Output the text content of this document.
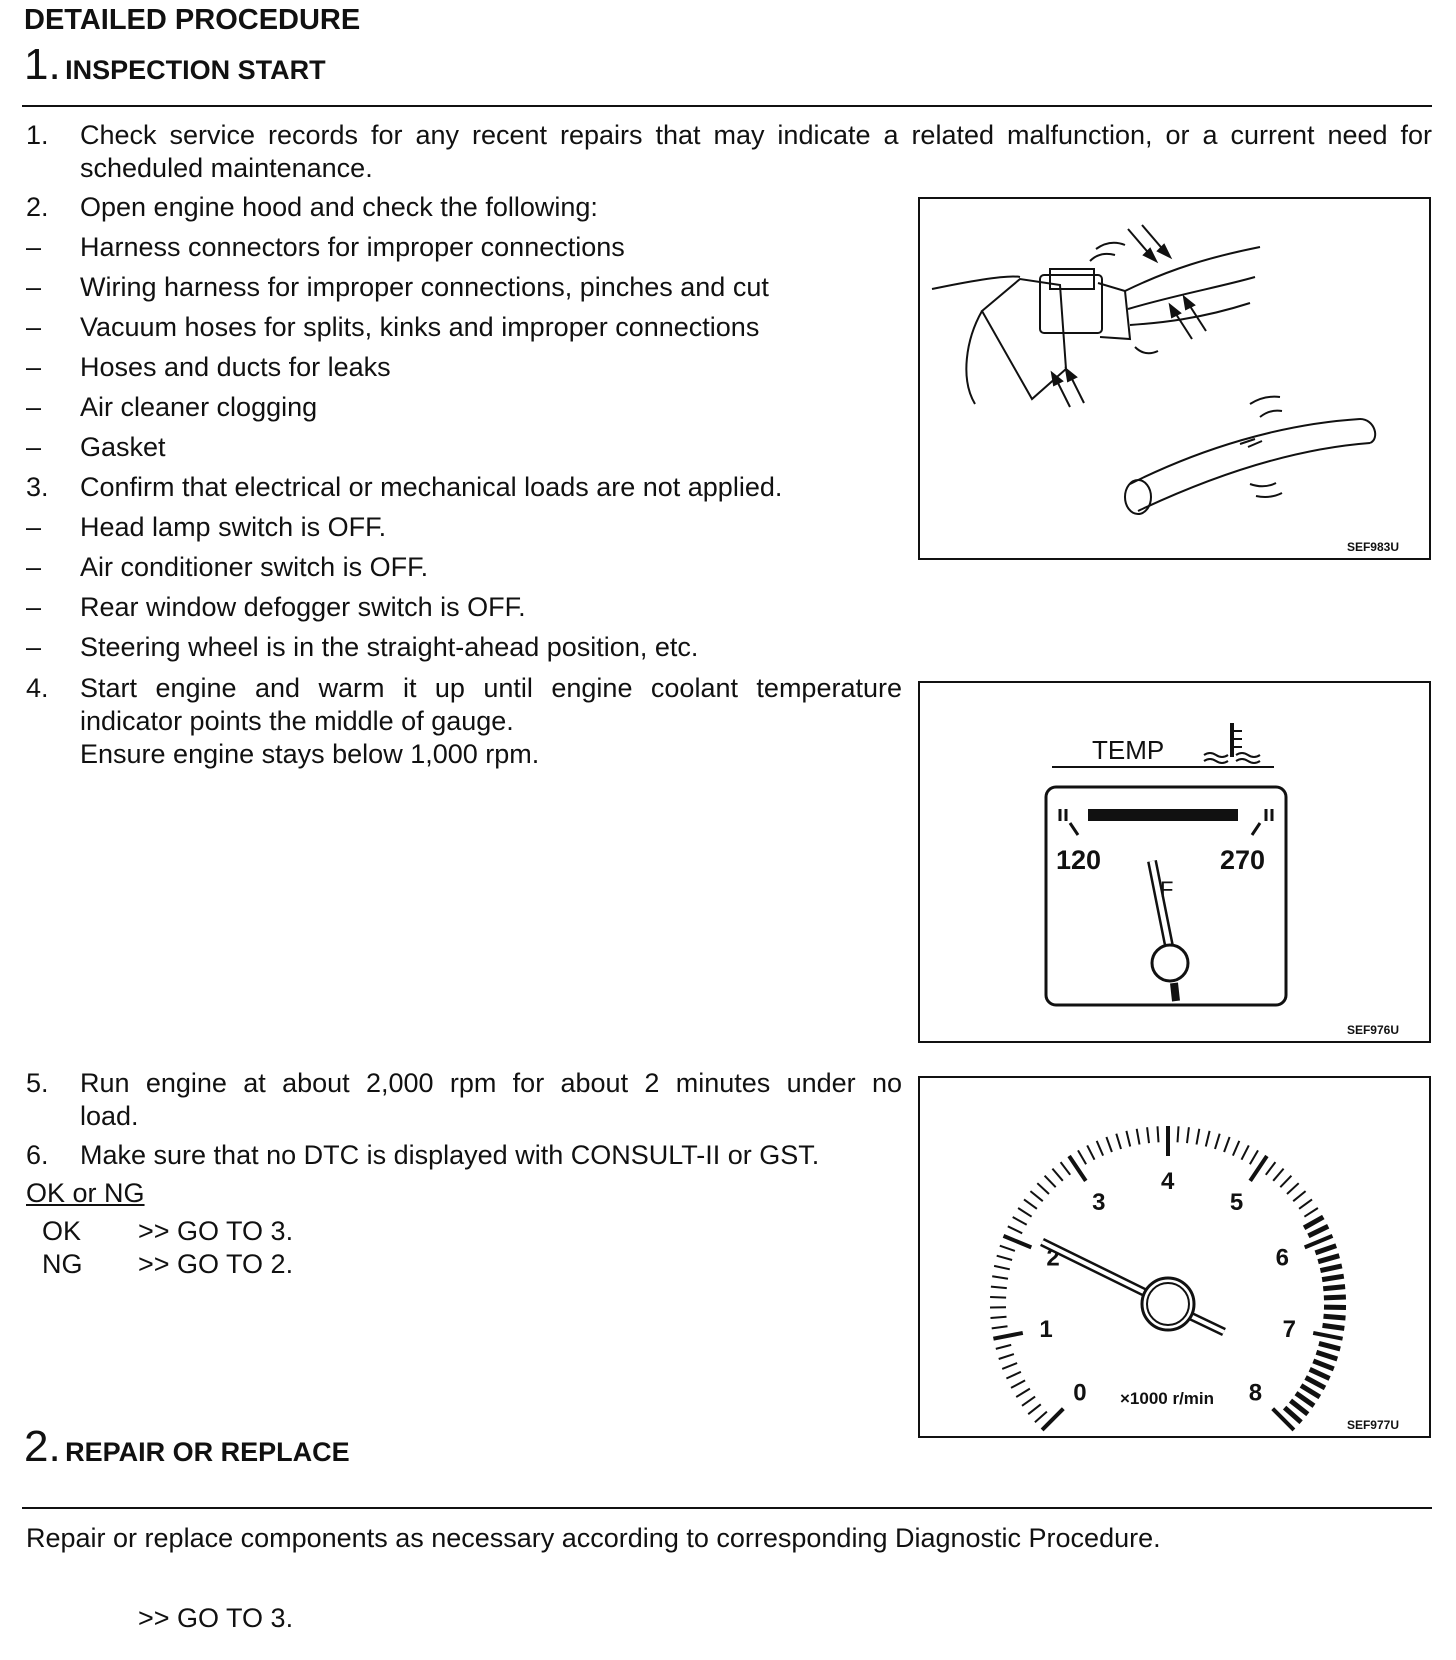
DETAILED PROCEDURE
1. INSPECTION START
1. Check service records for any recent repairs that may indicate a related malfunction, or a current need for
scheduled maintenance.
2. Open engine hood and check the following:
– Harness connectors for improper connections
– Wiring harness for improper connections, pinches and cut
– Vacuum hoses for splits, kinks and improper connections
– Hoses and ducts for leaks
– Air cleaner clogging
– Gasket
3. Confirm that electrical or mechanical loads are not applied.
– Head lamp switch is OFF.
– Air conditioner switch is OFF.
– Rear window defogger switch is OFF.
– Steering wheel is in the straight-ahead position, etc.
4. Start engine and warm it up until engine coolant temperature
indicator points the middle of gauge.
Ensure engine stays below 1,000 rpm.
5. Run engine at about 2,000 rpm for about 2 minutes under no
load.
6. Make sure that no DTC is displayed with CONSULT-II or GST.
OK or NG
OK >> GO TO 3.
NG >> GO TO 2.
SEF983U
TEMP
120	270
F
SEF976U
0
1
2
3
4
5
6
7
8
×1000 r/min
SEF977U
2. REPAIR OR REPLACE
Repair or replace components as necessary according to corresponding Diagnostic Procedure.
>> GO TO 3.
